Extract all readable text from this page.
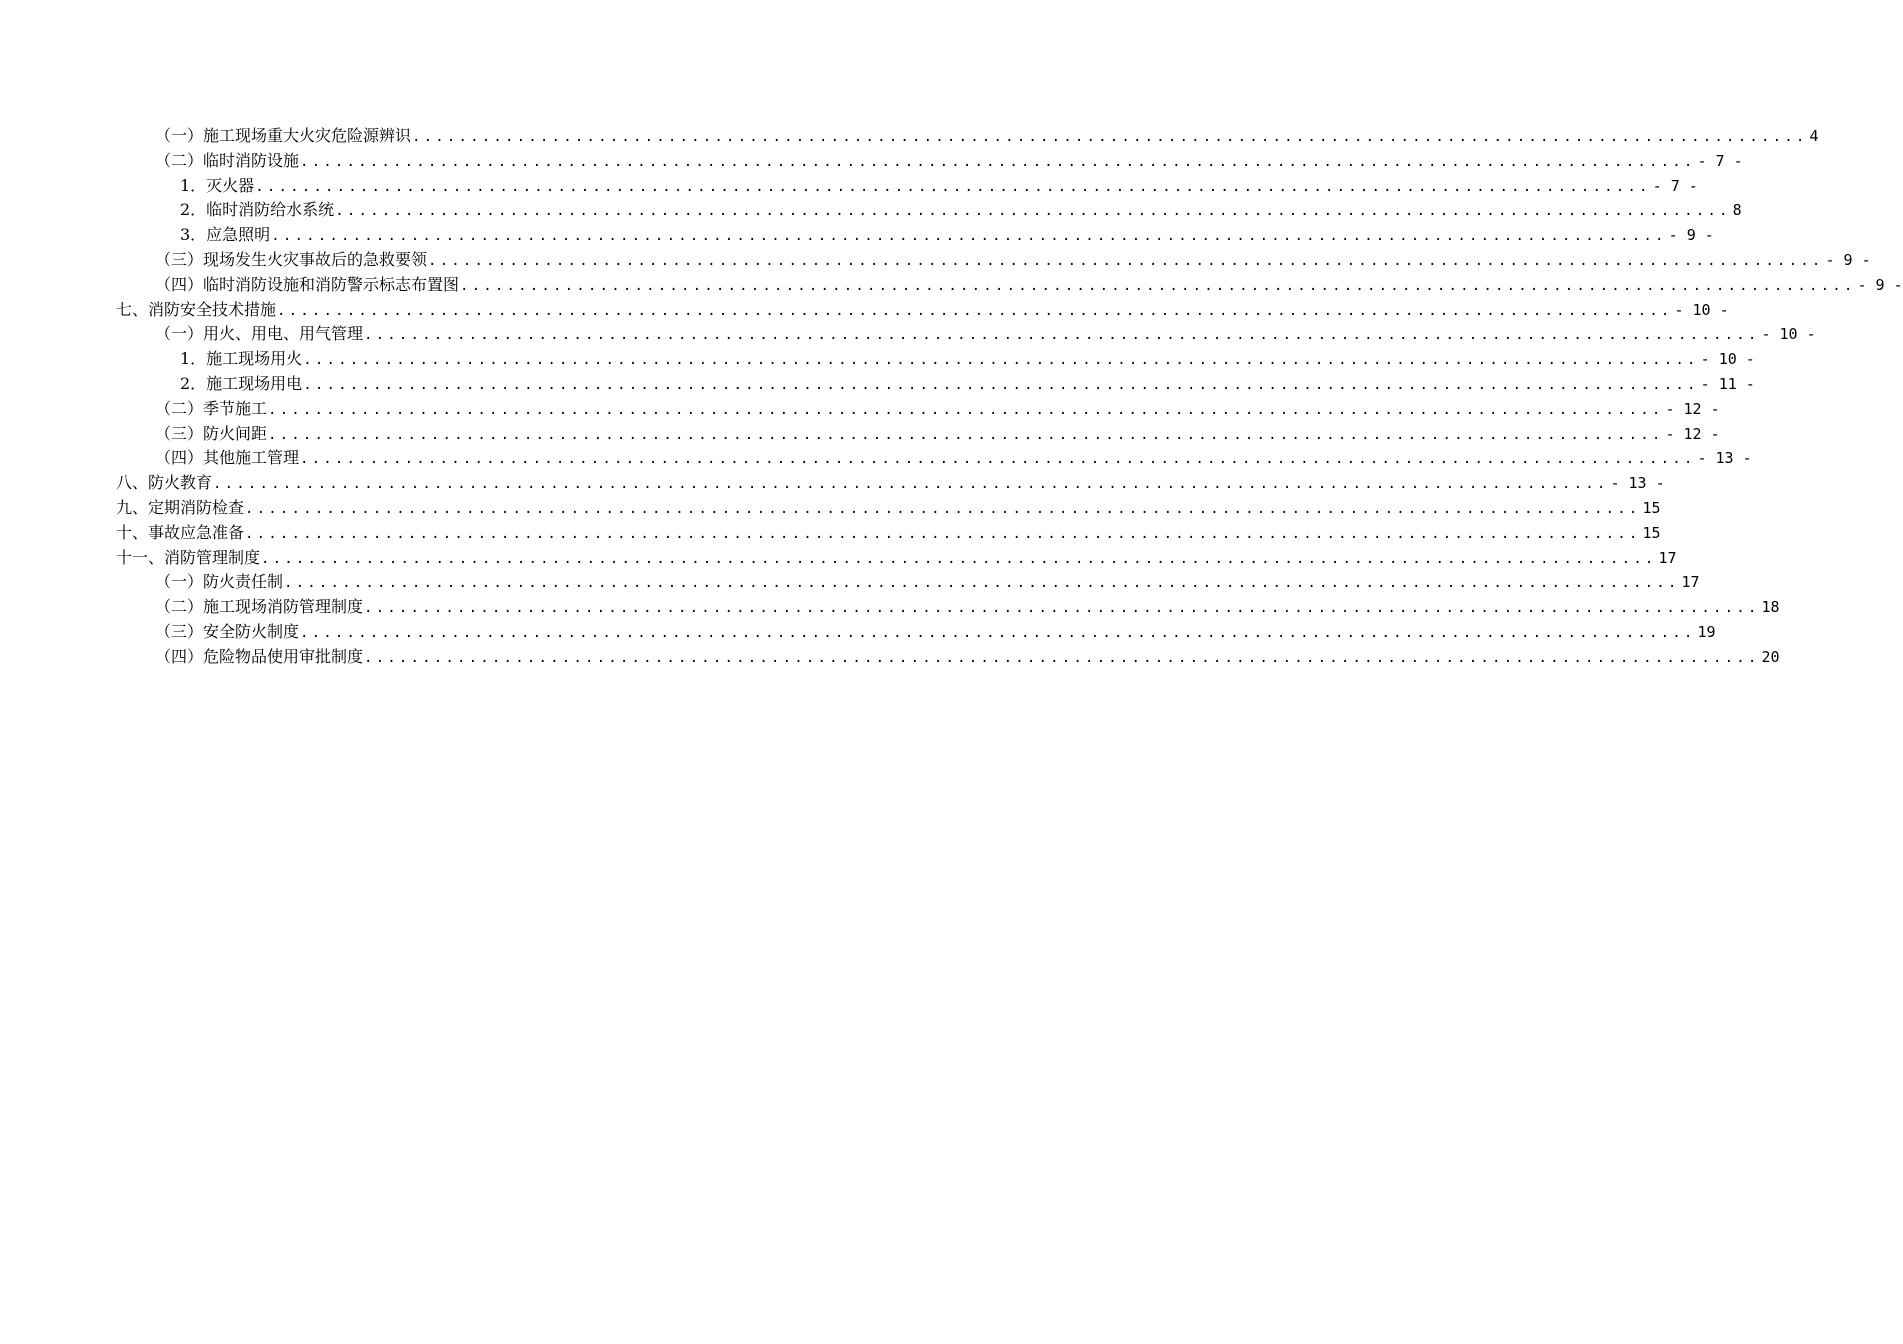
（一）施工现场重大火灾危险源辨识 ........................................................................................................................ 4
（二）临时消防设施 ........................................................................................................................ - 7 -
1．灭火器 ........................................................................................................................ - 7 -
2．临时消防给水系统 ........................................................................................................................ 8
3．应急照明 ........................................................................................................................ - 9 -
（三）现场发生火灾事故后的急救要领 ........................................................................................................................ - 9 -
（四）临时消防设施和消防警示标志布置图 ........................................................................................................................ - 9 -
七、消防安全技术措施 ........................................................................................................................ - 10 -
（一）用火、用电、用气管理 ........................................................................................................................ - 10 -
1．施工现场用火 ........................................................................................................................ - 10 -
2．施工现场用电 ........................................................................................................................ - 11 -
（二）季节施工 ........................................................................................................................ - 12 -
（三）防火间距 ........................................................................................................................ - 12 -
（四）其他施工管理 ........................................................................................................................ - 13 -
八、防火教育 ........................................................................................................................ - 13 -
九、定期消防检查 ........................................................................................................................ 15
十、事故应急准备 ........................................................................................................................ 15
十一、消防管理制度 ........................................................................................................................ 17
（一）防火责任制 ........................................................................................................................ 17
（二）施工现场消防管理制度 ........................................................................................................................ 18
（三）安全防火制度 ........................................................................................................................ 19
（四）危险物品使用审批制度 ........................................................................................................................ 20
